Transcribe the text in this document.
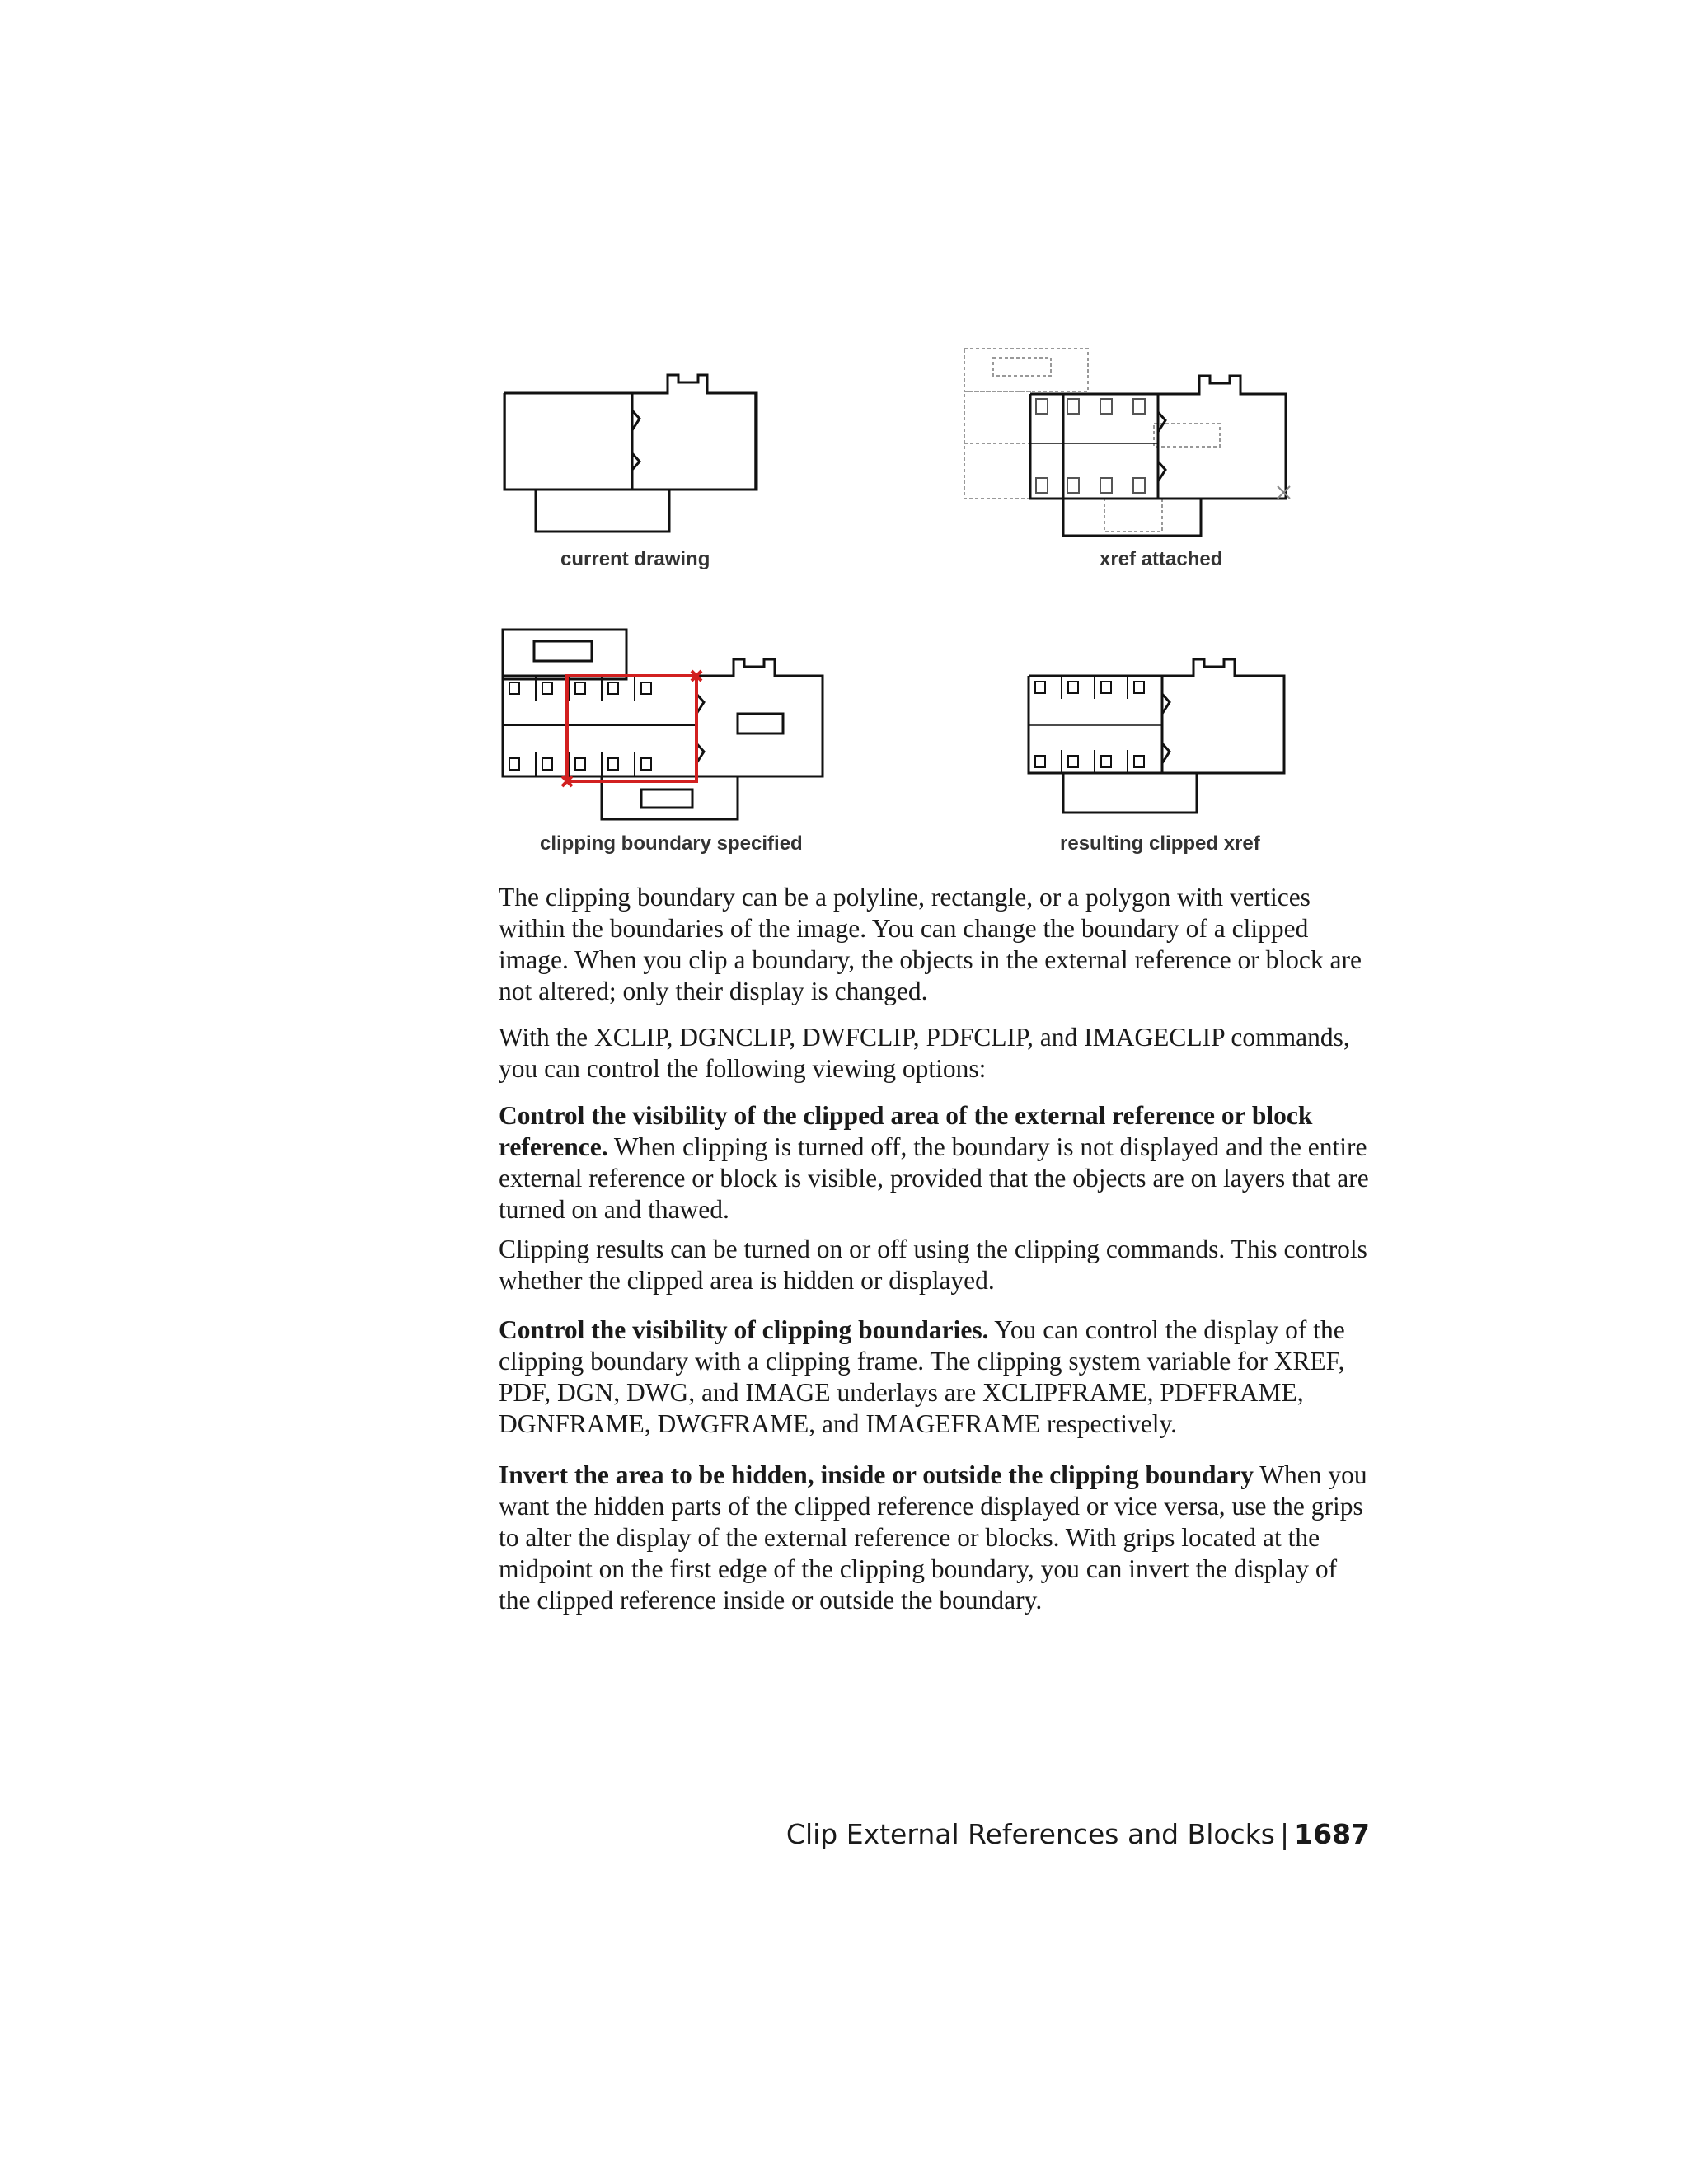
current drawing	xref attached
clipping boundary specified	resulting clipped xref

The clipping boundary can be a polyline, rectangle, or a polygon with vertices within the boundaries of the image. You can change the boundary of a clipped image. When you clip a boundary, the objects in the external reference or block are not altered; only their display is changed.

With the XCLIP, DGNCLIP, DWFCLIP, PDFCLIP, and IMAGECLIP commands, you can control the following viewing options:

Control the visibility of the clipped area of the external reference or block reference. When clipping is turned off, the boundary is not displayed and the entire external reference or block is visible, provided that the objects are on layers that are turned on and thawed.

Clipping results can be turned on or off using the clipping commands. This controls whether the clipped area is hidden or displayed.

Control the visibility of clipping boundaries. You can control the display of the clipping boundary with a clipping frame. The clipping system variable for XREF, PDF, DGN, DWG, and IMAGE underlays are XCLIPFRAME, PDFFRAME, DGNFRAME, DWGFRAME, and IMAGEFRAME respectively.

Invert the area to be hidden, inside or outside the clipping boundary When you want the hidden parts of the clipped reference displayed or vice versa, use the grips to alter the display of the external reference or blocks. With grips located at the midpoint on the first edge of the clipping boundary, you can invert the display of the clipped reference inside or outside the boundary.

Clip External References and Blocks | 1687
